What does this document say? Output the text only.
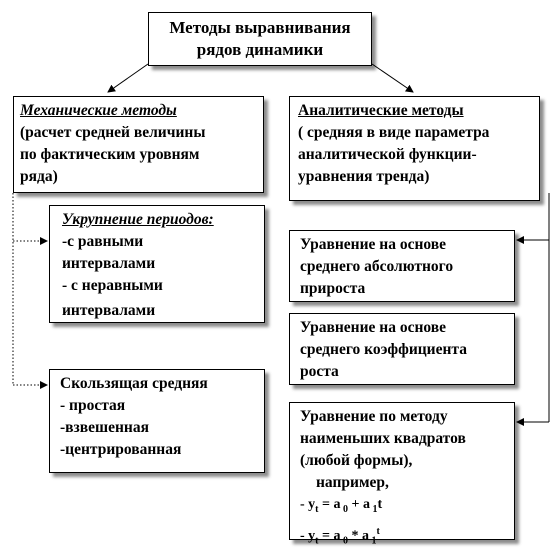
Методы выравнивания
рядов динамики
Механические методы
(расчет средней величины
по фактическим уровням
ряда)
Аналитические методы
( средняя в виде параметра
аналитической функции-
уравнения тренда)
Укрупнение периодов:
-с равными
интервалами
- с неравными
интервалами
Скользящая средняя
- простая
-взвешенная
-центрированная
Уравнение на основе
среднего абсолютного
прироста
Уравнение на основе
среднего коэффициента
роста
Уравнение по методу
наименьших квадратов
(любой формы),
например,
- $y_t = a$ $_0$ + a $_1$t
- $y_t = a$ $_0$ * a $_1^t$
